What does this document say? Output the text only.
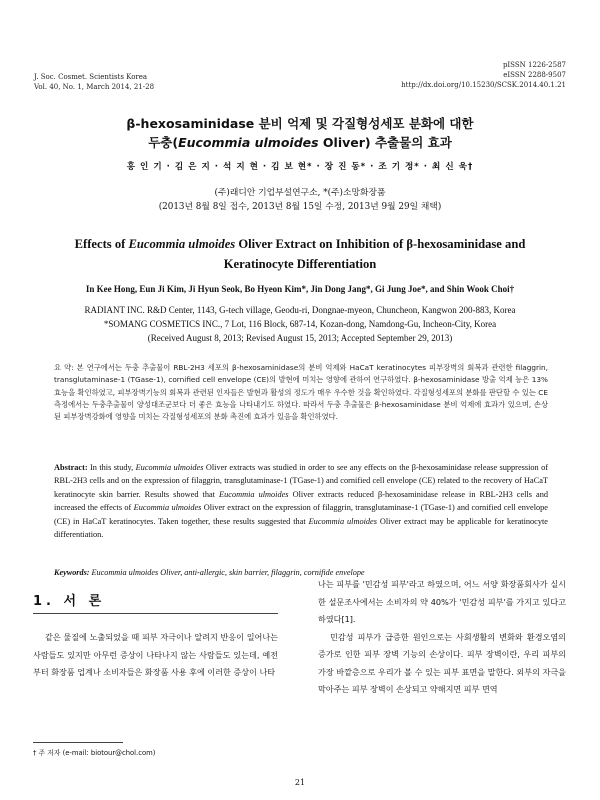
J. Soc. Cosmet. Scientists Korea
Vol. 40, No. 1, March 2014, 21-28
pISSN 1226-2587
eISSN 2288-9507
http://dx.doi.org/10.15230/SCSK.2014.40.1.21
β-hexosaminidase 분비 억제 및 각질형성세포 분화에 대한
두충(Eucommia ulmoides Oliver) 추출물의 효과
홍 인 기 · 김 은 지 · 석 지 현 · 김 보 현* · 장 진 동* · 조 기 정* · 최 신 욱†
(주)래디안 기업부설연구소, *(주)소망화장품
(2013년 8월 8일 접수, 2013년 8월 15일 수정, 2013년 9월 29일 채택)
Effects of Eucommia ulmoides Oliver Extract on Inhibition of β-hexosaminidase and
Keratinocyte Differentiation
In Kee Hong, Eun Ji Kim, Ji Hyun Seok, Bo Hyeon Kim*, Jin Dong Jang*, Gi Jung Joe*, and Shin Wook Choi†
RADIANT INC. R&D Center, 1143, G-tech village, Geodu-ri, Dongnae-myeon, Chuncheon, Kangwon 200-883, Korea
*SOMANG COSMETICS INC., 7 Lot, 116 Block, 687-14, Kozan-dong, Namdong-Gu, Incheon-City, Korea
(Received August 8, 2013; Revised August 15, 2013; Accepted September 29, 2013)
요 약: 본 연구에서는 두충 추출물이 RBL-2H3 세포의 β-hexosaminidase의 분비 억제와 HaCaT keratinocytes 피부장벽의 회복과 관련한 filaggrin, transglutaminase-1 (TGase-1), cornified cell envelope (CE)의 발현에 미치는 영향에 관하여 연구하였다. β-hexosaminidase 방출 억제 능은 13% 효능을 확인하였고, 피부장벽기능의 회복과 관련된 인자들은 발현과 활성의 정도가 매우 우수한 것을 확인하였다. 각질형성세포의 분화를 판단할 수 있는 CE 측정에서는 두충추출물이 양성대조군보다 더 좋은 효능을 나타내기도 하였다. 따라서 두충 추출물은 β-hexosaminidase 분비 억제에 효과가 있으며, 손상된 피부장벽강화에 영향을 미치는 각질형성세포의 분화 촉진에 효과가 있음을 확인하였다.
Abstract: In this study, Eucommia ulmoides Oliver extracts was studied in order to see any effects on the β-hexosaminidase release suppression of RBL-2H3 cells and on the expression of filaggrin, transglutaminase-1 (TGase-1) and cornified cell envelope (CE) related to the recovery of HaCaT keratinocyte skin barrier. Results showed that Eucommia ulmoides Oliver extracts reduced β-hexosaminidase release in RBL-2H3 cells and increased the effects of Eucommia ulmoides Oliver extract on the expression of filaggrin, transglutaminase-1 (TGase-1) and cornified cell envelope (CE) in HaCaT keratinocytes. Taken together, these results suggested that Eucommia ulmoides Oliver extract may be applicable for keratinocyte differentiation.
Keywords: Eucommia ulmoides Oliver, anti-allergic, skin barrier, filaggrin, cornifide envelope
1. 서 론
같은 물질에 노출되었을 때 피부 자극이나 알려지 반응이 일어나는 사람들도 있지만 아무런 증상이 나타나지 않는 사람들도 있는데, 예전부터 화장품 업계나 소비자들은 화장품 사용 후에 이러한 증상이 나타

나는 피부를 '민감성 피부'라고 하였으며, 어느 서양 화장품회사가 실시한 설문조사에서는 소비자의 약 40%가 '민감성 피부'를 가지고 있다고 하였다[1].

민감성 피부가 급증한 원인으로는 사회생활의 변화와 환경오염의 증가로 인한 피부 장벽 기능의 손상이다. 피부 장벽이란, 우리 피부의 가장 바깥층으로 우리가 볼 수 있는 피부 표면을 말한다. 외부의 자극을 막아주는 피부 장벽이 손상되고 약해지면 피부 면역

† 주 저자 (e-mail: biotour@chol.com)
21
